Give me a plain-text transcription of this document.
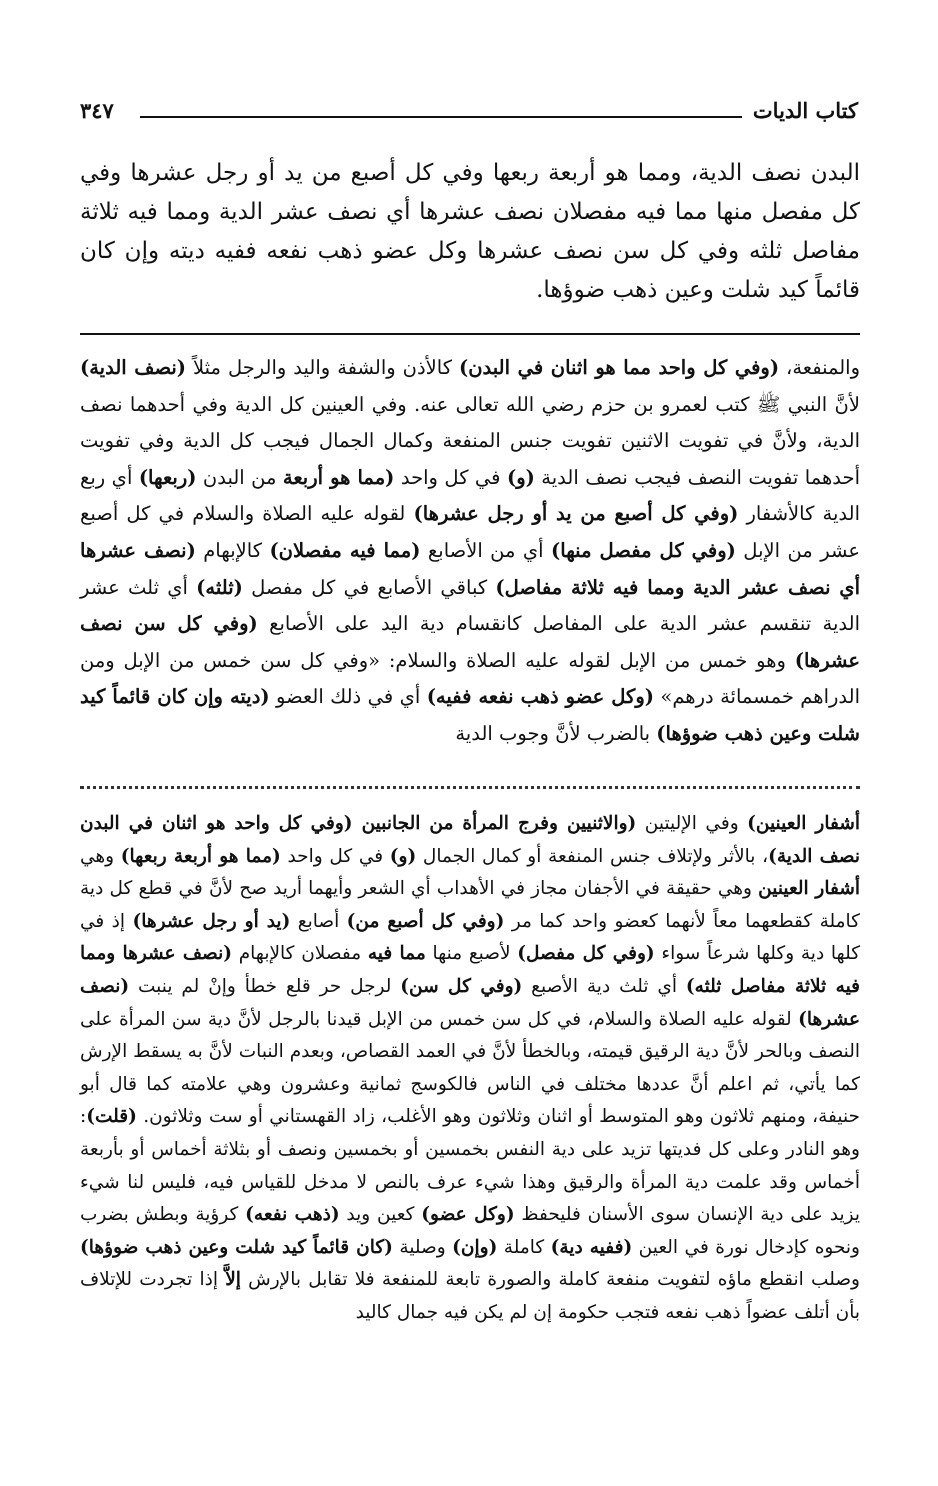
كتاب الديات
٣٤٧

البدن نصف الدية، ومما هو أربعة ربعها وفي كل أصبع من يد أو رجل عشرها وفي كل مفصل منها مما فيه مفصلان نصف عشرها أي نصف عشر الدية ومما فيه ثلاثة مفاصل ثلثه وفي كل سن نصف عشرها وكل عضو ذهب نفعه ففيه ديته وإن كان قائماً كيد شلت وعين ذهب ضوؤها.

والمنفعة، (وفي كل واحد مما هو اثنان في البدن) كالأذن والشفة واليد والرجل مثلاً (نصف الدية) لأنَّ النبي ﷺ كتب لعمرو بن حزم رضي الله تعالى عنه. وفي العينين كل الدية وفي أحدهما نصف الدية، ولأنَّ في تفويت الاثنين تفويت جنس المنفعة وكمال الجمال فيجب كل الدية وفي تفويت أحدهما تفويت النصف فيجب نصف الدية (و) في كل واحد (مما هو أربعة من البدن (ربعها) أي ربع الدية كالأشفار (وفي كل أصبع من يد أو رجل عشرها) لقوله عليه الصلاة والسلام في كل أصبع عشر من الإبل (وفي كل مفصل منها) أي من الأصابع (مما فيه مفصلان) كالإبهام (نصف عشرها أي نصف عشر الدية ومما فيه ثلاثة مفاصل) كباقي الأصابع في كل مفصل (ثلثه) أي ثلث عشر الدية تنقسم عشر الدية على المفاصل كانقسام دية اليد على الأصابع (وفي كل سن نصف عشرها) وهو خمس من الإبل لقوله عليه الصلاة والسلام: «وفي كل سن خمس من الإبل ومن الدراهم خمسمائة درهم» (وكل عضو ذهب نفعه ففيه) أي في ذلك العضو (ديته وإن كان قائماً كيد شلت وعين ذهب ضوؤها) بالضرب لأنَّ وجوب الدية

أشفار العينين) وفي الإليتين (والاثنيين وفرج المرأة من الجانبين (وفي كل واحد هو اثنان في البدن نصف الدية)، بالأثر ولإتلاف جنس المنفعة أو كمال الجمال (و) في كل واحد (مما هو أربعة ربعها) وهي أشفار العينين وهي حقيقة في الأجفان مجاز في الأهداب أي الشعر وأيهما أريد صح لأنَّ في قطع كل دية كاملة كقطعهما معاً لأنهما كعضو واحد كما مر (وفي كل أصبع من) أصابع (يد أو رجل عشرها) إذ في كلها دية وكلها شرعاً سواء (وفي كل مفصل) لأصبع منها مما فيه مفصلان كالإبهام (نصف عشرها ومما فيه ثلاثة مفاصل ثلثه) أي ثلث دية الأصبع (وفي كل سن) لرجل حر قلع خطأ وإنْ لم ينبت (نصف عشرها) لقوله عليه الصلاة والسلام، في كل سن خمس من الإبل قيدنا بالرجل لأنَّ دية سن المرأة على النصف وبالحر لأنَّ دية الرقيق قيمته، وبالخطأ لأنَّ في العمد القصاص، وبعدم النبات لأنَّ به يسقط الإرش كما يأتي، ثم اعلم أنَّ عددها مختلف في الناس فالكوسج ثمانية وعشرون وهي علامته كما قال أبو حنيفة، ومنهم ثلاثون وهو المتوسط أو اثنان وثلاثون وهو الأغلب، زاد القهستاني أو ست وثلاثون. (قلت): وهو النادر وعلى كل فديتها تزيد على دية النفس بخمسين أو بخمسين ونصف أو بثلاثة أخماس أو بأربعة أخماس وقد علمت دية المرأة والرقيق وهذا شيء عرف بالنص لا مدخل للقياس فيه، فليس لنا شيء يزيد على دية الإنسان سوى الأسنان فليحفظ (وكل عضو) كعين ويد (ذهب نفعه) كرؤية وبطش بضرب ونحوه كإدخال نورة في العين (ففيه دية) كاملة (وإن) وصلية (كان قائماً كيد شلت وعين ذهب ضوؤها) وصلب انقطع ماؤه لتفويت منفعة كاملة والصورة تابعة للمنفعة فلا تقابل بالإرش إلاَّ إذا تجردت للإتلاف بأن أتلف عضواً ذهب نفعه فتجب حكومة إن لم يكن فيه جمال كاليد
